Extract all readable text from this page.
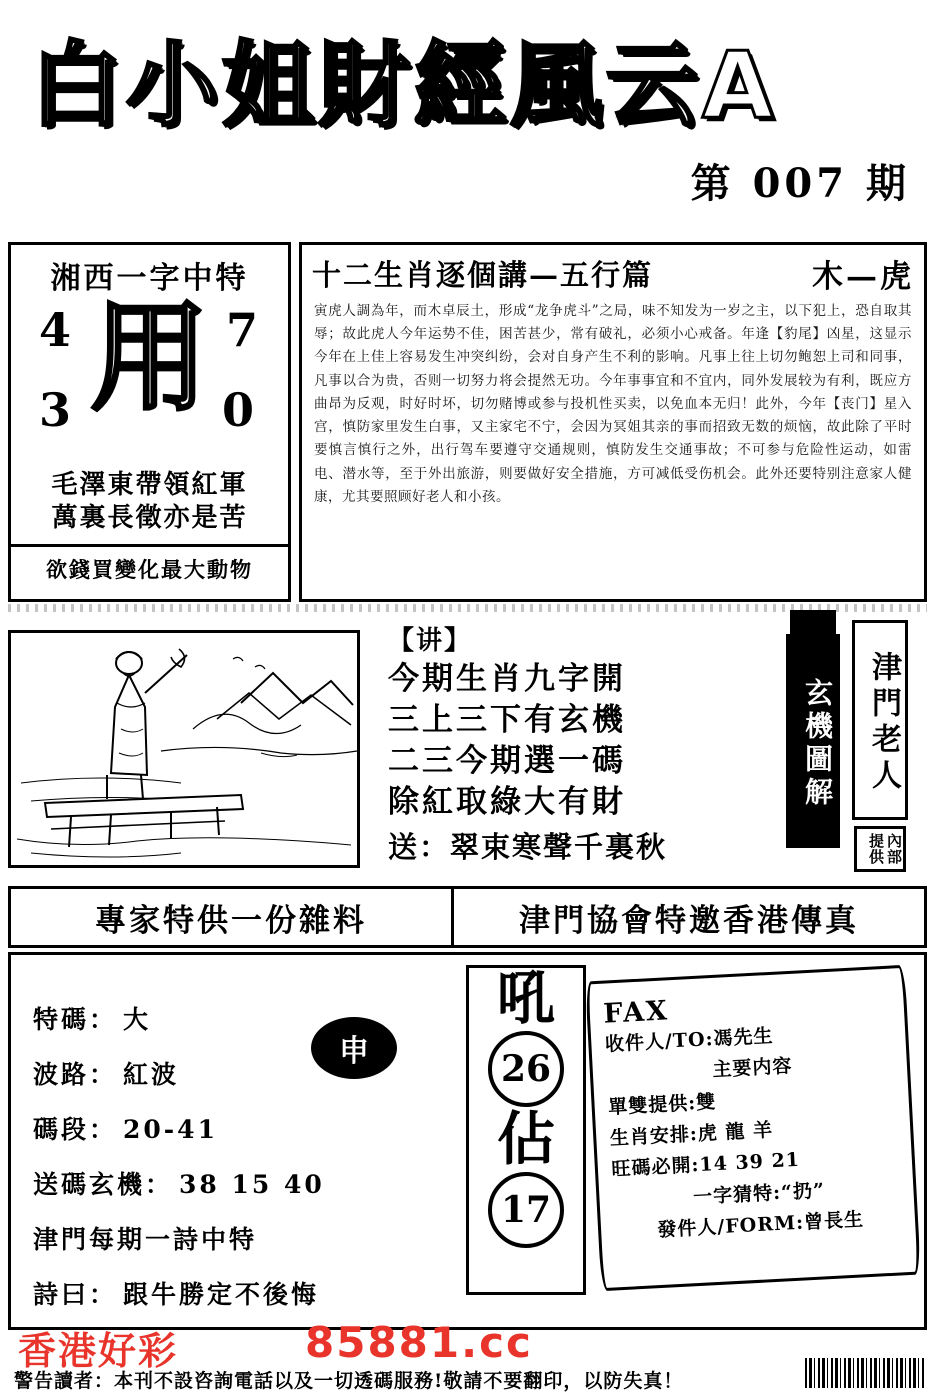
白小姐財經風云A
第 007 期
湘西一字中特
4	7
3	0
用
毛澤東帶領紅軍
萬裏長徵亦是苦
欲錢買變化最大動物
十二生肖逐個講—五行篇	木—虎
寅虎人調為年，而木卓辰土，形成“龙争虎斗”之局，味不知发为一岁之主，以下犯上，恐自取其辱；故此虎人今年运势不佳，困苦甚少，常有破礼，必须小心戒备。年逢【豹尾】凶星，这显示今年在上佳上容易发生冲突纠纷，会对自身产生不利的影响。凡事上往上切勿鲍恕上司和同事，凡事以合为贵，否则一切努力将会提然无功。今年事事宜和不宜内，同外发展较为有利，既应方曲昂为反观，时好时坏，切勿赌博或参与投机性买卖，以免血本无归！此外，今年【丧门】星入宫，慎防家里发生白事，又主家宅不宁，会因为冥姐其亲的事而招致无数的烦恼，故此除了平时要慎言慎行之外，出行驾车要遵守交通规则，慎防发生交通事故；不可参与危险性运动，如雷电、潜水等，至于外出旅游，则要做好安全措施，方可减低受伤机会。此外还要特别注意家人健康，尤其要照顾好老人和小孩。
【讲】
今期生肖九字開
三上三下有玄機
二三今期選一碼
除紅取綠大有財
送：翠束寒聲千裏秋
玄機圖解	津門老人
內部提供
專家特供一份雜料	津門協會特邀香港傳真
特碼： 大
波路： 紅波
碼段： 20-41
送碼玄機： 38 15 40
津門每期一詩中特
詩曰： 跟牛勝定不後悔
申
吼
26
佔
17
FAX
收件人/TO:馮先生
主要内容
單雙提供:雙
生肖安排:虎 龍 羊
旺碼必開:14 39 21
一字猜特:“扔”
發件人/FORM:曾長生
香港好彩	85881.cc
警告讀者：本刊不設咨詢電話以及一切透碼服務!敬請不要翻印，以防失真！
